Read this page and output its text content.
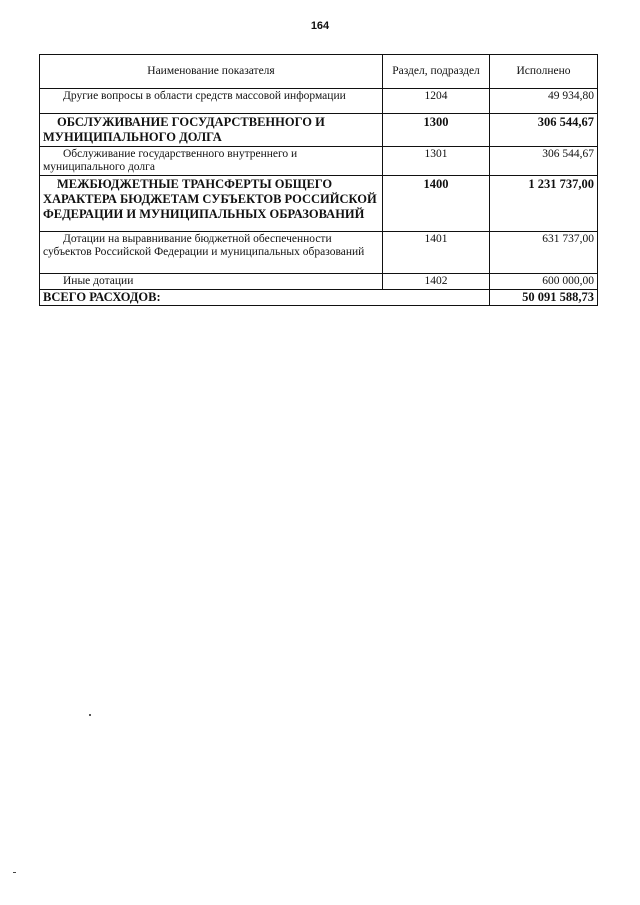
164
Наименование показателя	Раздел, подраздел	Исполнено
Другие вопросы в области средств массовой информации	1204	49 934,80
ОБСЛУЖИВАНИЕ ГОСУДАРСТВЕННОГО И МУНИЦИПАЛЬНОГО ДОЛГА	1300	306 544,67
Обслуживание государственного внутреннего и муниципального долга	1301	306 544,67
МЕЖБЮДЖЕТНЫЕ ТРАНСФЕРТЫ ОБЩЕГО ХАРАКТЕРА БЮДЖЕТАМ СУБЪЕКТОВ РОССИЙСКОЙ ФЕДЕРАЦИИ И МУНИЦИПАЛЬНЫХ ОБРАЗОВАНИЙ	1400	1 231 737,00
Дотации на выравнивание бюджетной обеспеченности субъектов Российской Федерации и муниципальных образований	1401	631 737,00
Иные дотации	1402	600 000,00
ВСЕГО РАСХОДОВ:		50 091 588,73
